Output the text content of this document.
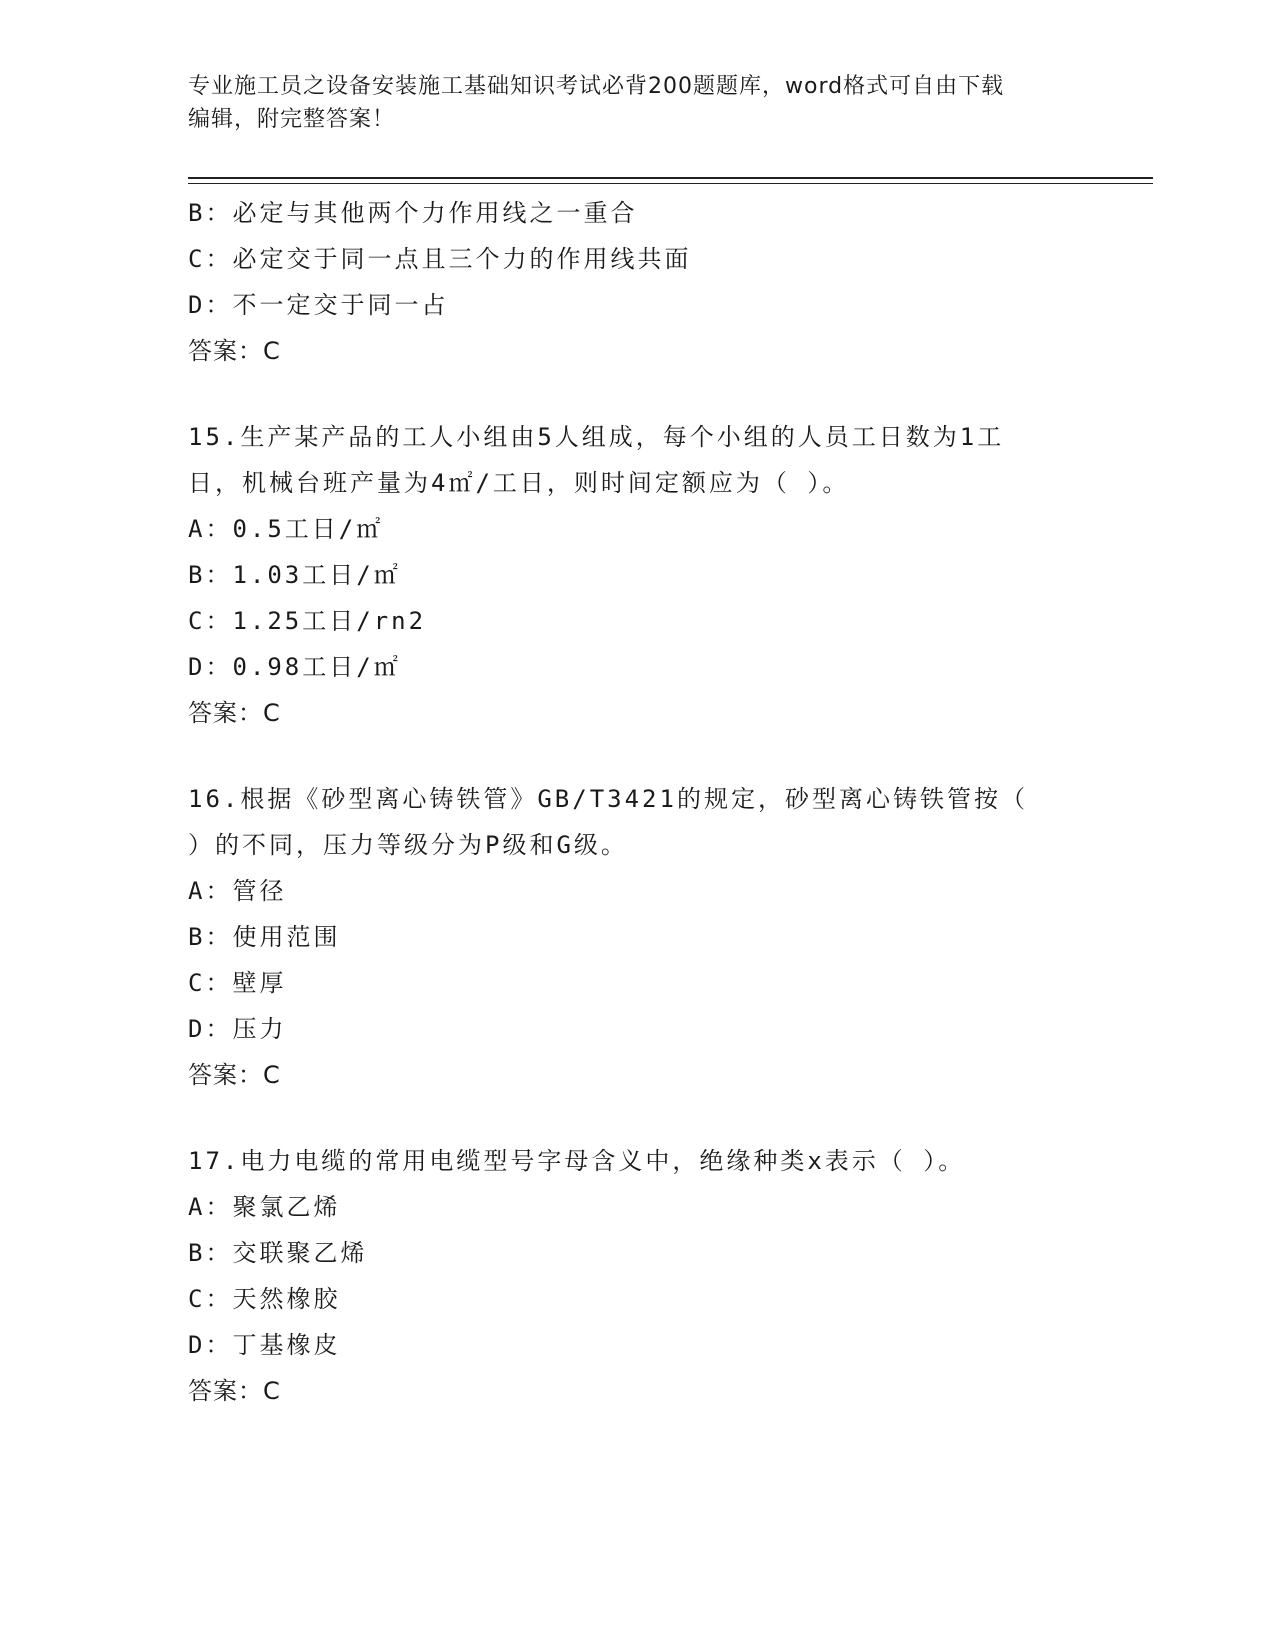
专业施工员之设备安装施工基础知识考试必背200题题库，word格式可自由下载
编辑，附完整答案！
B：必定与其他两个力作用线之一重合
C：必定交于同一点且三个力的作用线共面
D：不一定交于同一占
答案：C
15.生产某产品的工人小组由5人组成，每个小组的人员工日数为1工
日，机械台班产量为4㎡/工日，则时间定额应为（ ）。
A：0.5工日/㎡
B：1.03工日/㎡
C：1.25工日/rn2
D：0.98工日/㎡
答案：C
16.根据《砂型离心铸铁管》GB/T3421的规定，砂型离心铸铁管按（
）的不同，压力等级分为P级和G级。
A：管径
B：使用范围
C：壁厚
D：压力
答案：C
17.电力电缆的常用电缆型号字母含义中，绝缘种类x表示（ ）。
A：聚氯乙烯
B：交联聚乙烯
C：天然橡胶
D：丁基橡皮
答案：C
